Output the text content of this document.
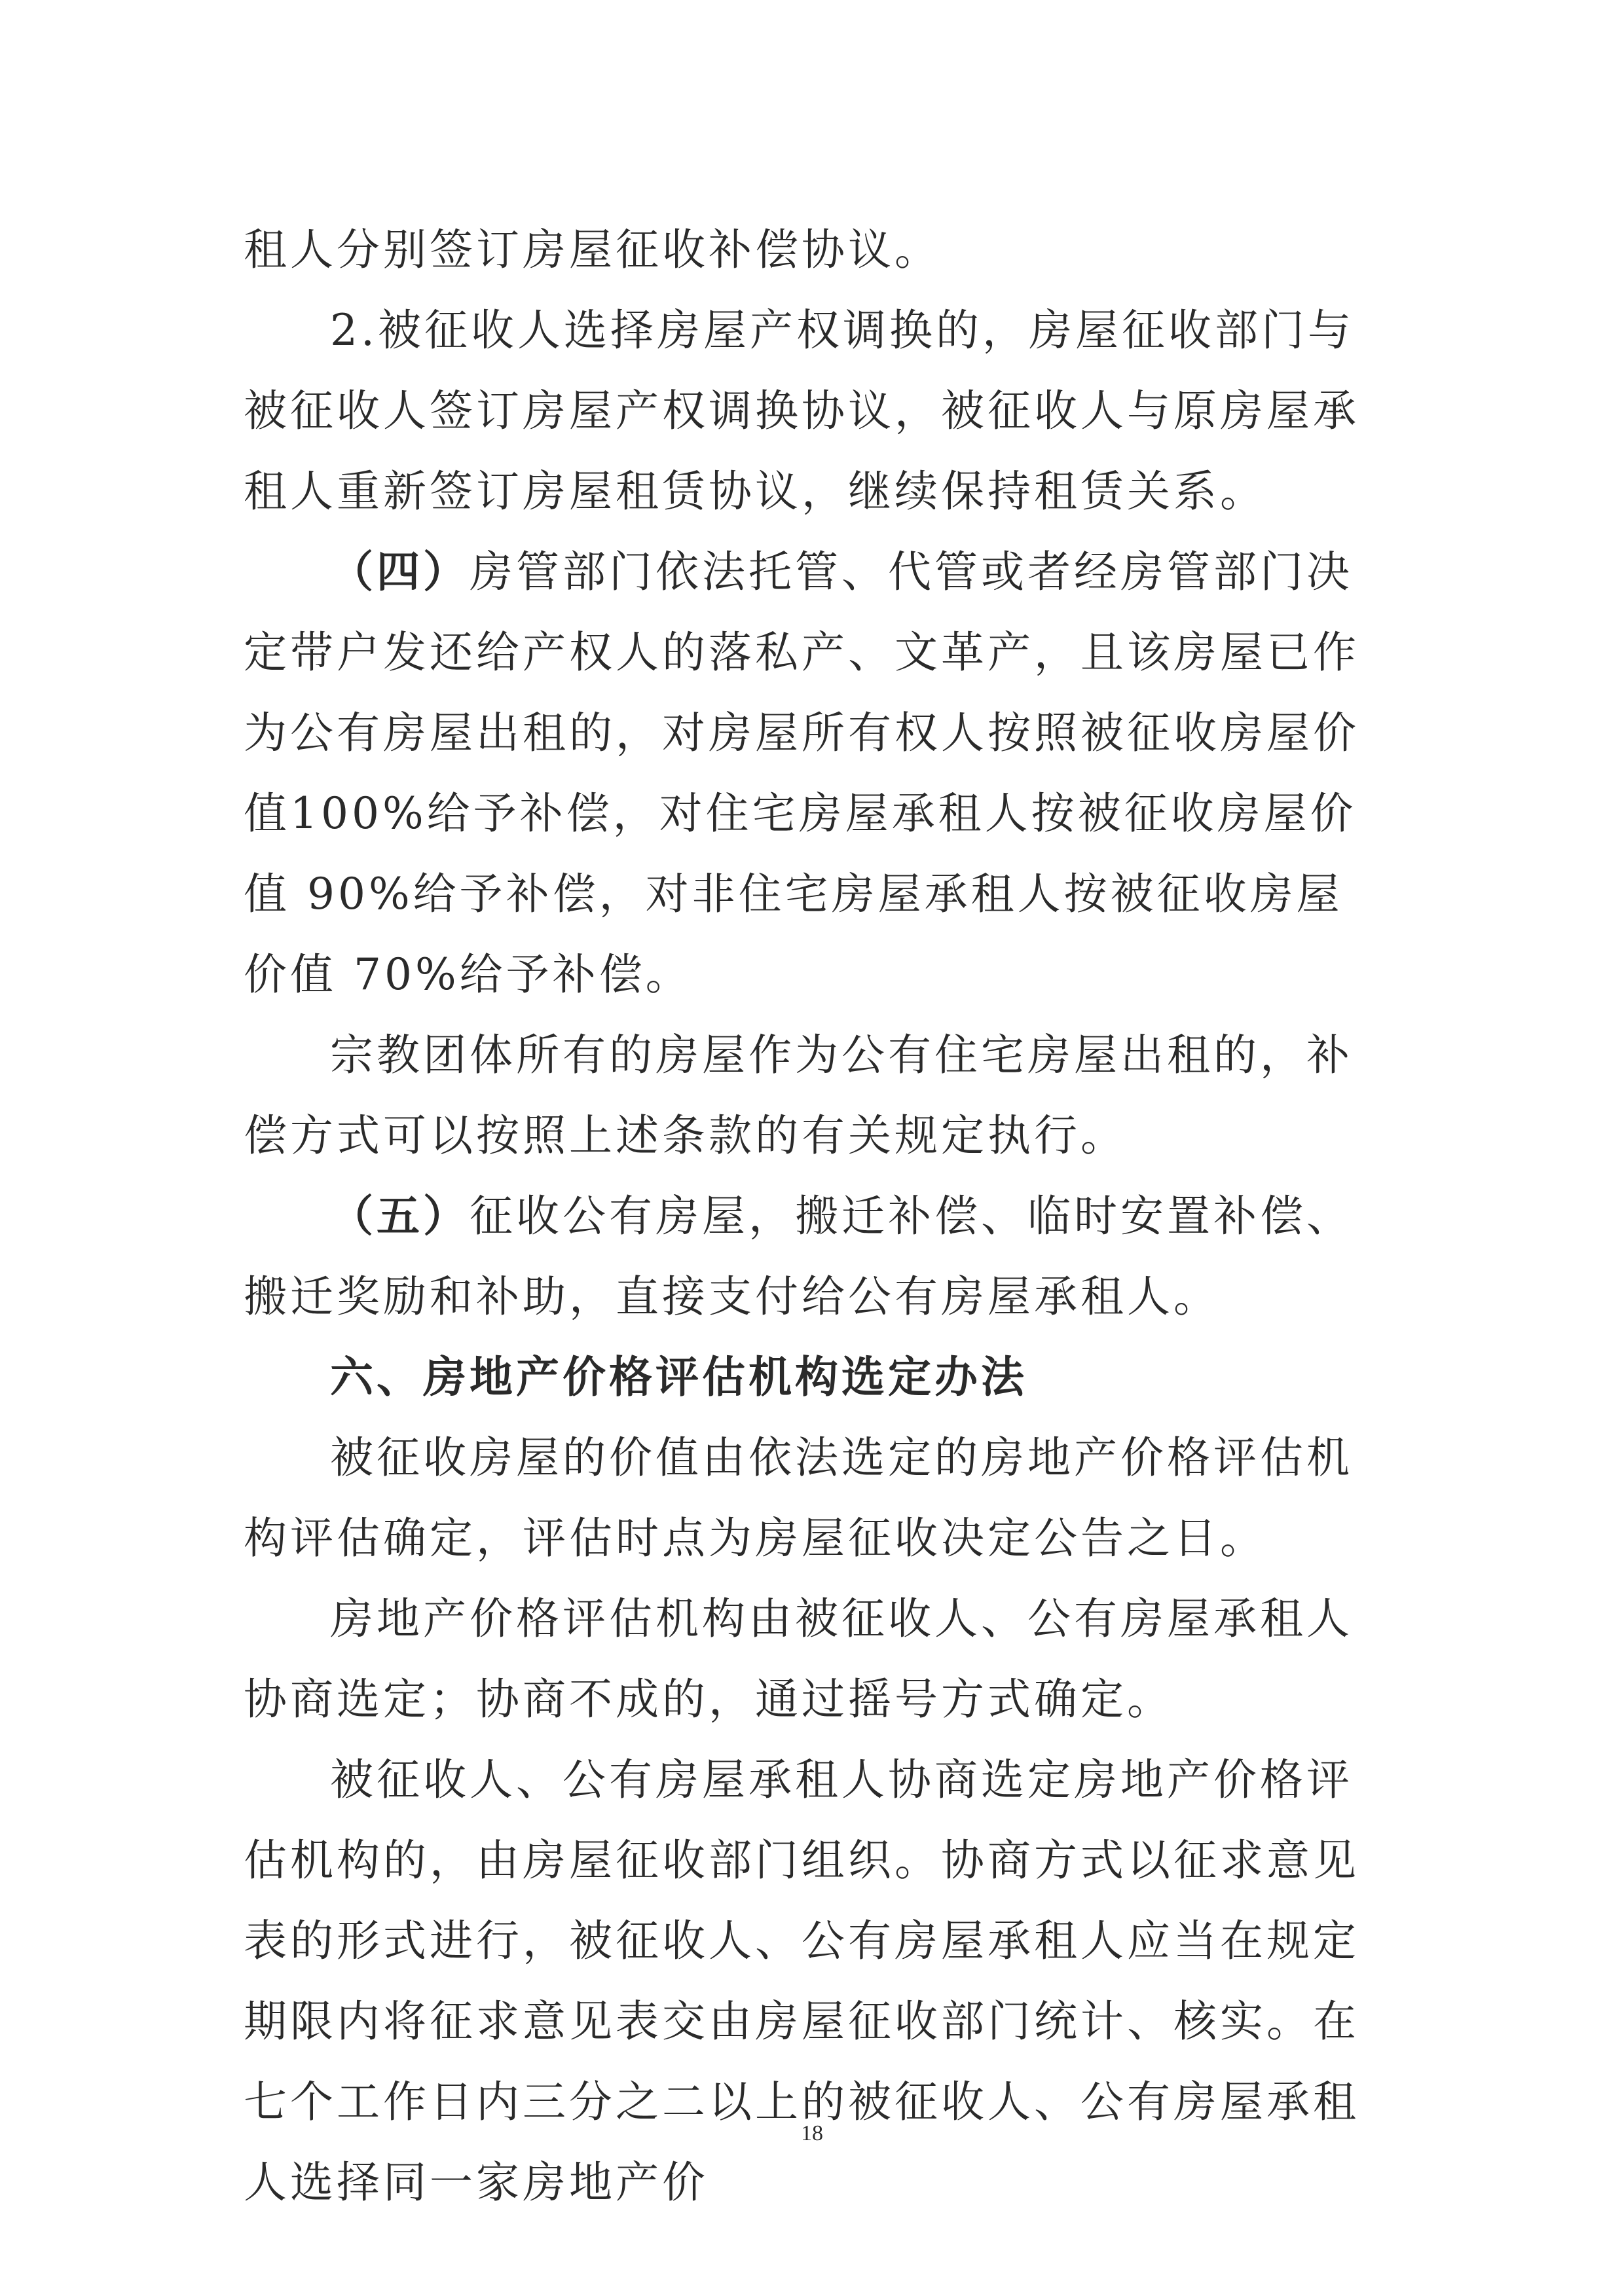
租人分别签订房屋征收补偿协议。

2.被征收人选择房屋产权调换的，房屋征收部门与被征收人签订房屋产权调换协议，被征收人与原房屋承租人重新签订房屋租赁协议，继续保持租赁关系。

（四）房管部门依法托管、代管或者经房管部门决定带户发还给产权人的落私产、文革产，且该房屋已作为公有房屋出租的，对房屋所有权人按照被征收房屋价值100%给予补偿，对住宅房屋承租人按被征收房屋价值 90%给予补偿，对非住宅房屋承租人按被征收房屋价值 70%给予补偿。

宗教团体所有的房屋作为公有住宅房屋出租的，补偿方式可以按照上述条款的有关规定执行。

（五）征收公有房屋，搬迁补偿、临时安置补偿、搬迁奖励和补助，直接支付给公有房屋承租人。

六、房地产价格评估机构选定办法

被征收房屋的价值由依法选定的房地产价格评估机构评估确定，评估时点为房屋征收决定公告之日。

房地产价格评估机构由被征收人、公有房屋承租人协商选定；协商不成的，通过摇号方式确定。

被征收人、公有房屋承租人协商选定房地产价格评估机构的，由房屋征收部门组织。协商方式以征求意见表的形式进行，被征收人、公有房屋承租人应当在规定期限内将征求意见表交由房屋征收部门统计、核实。在七个工作日内三分之二以上的被征收人、公有房屋承租人选择同一家房地产价

18
